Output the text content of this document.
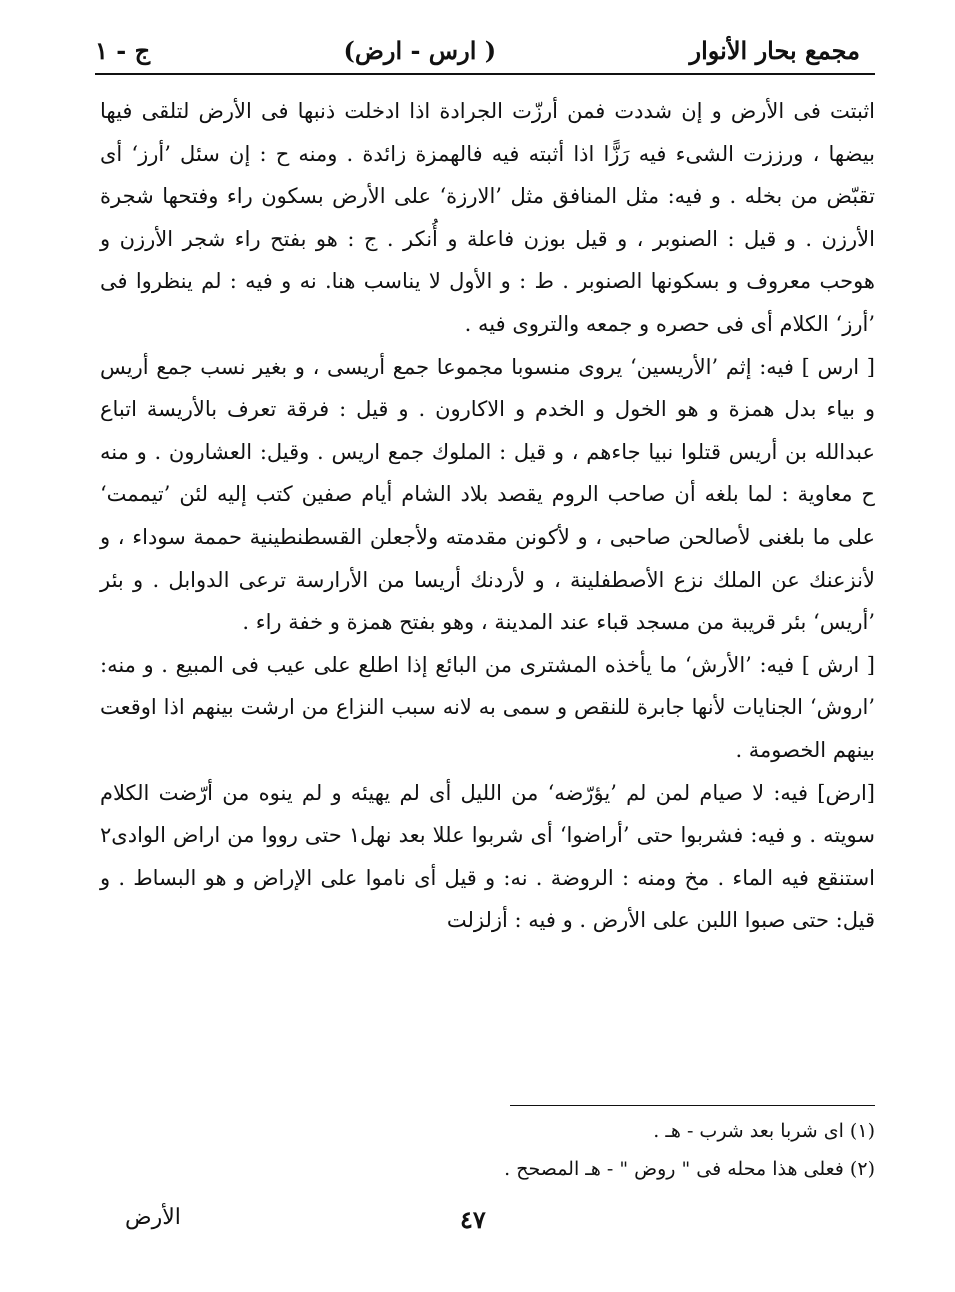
مجمع بحار الأنوار
( ارس - ارض)
ج - ١

اثبتت فى الأرض و إن شددت فمن أرزّت الجرادة اذا ادخلت ذنبها فى الأرض لتلقى فيها بيضها ، ورززت الشىء فيه رَزًّا اذا أثبته فيه فالهمزة زائدة . ومنه ح : إن سئل ’أرز‘ أى تقبّض من بخله . و فيه: مثل المنافق مثل ’الارزة‘ على الأرض بسكون راء وفتحها شجرة الأرزن . و قيل : الصنوبر ، و قيل بوزن فاعلة و أُنكر . ج : هو بفتح راء شجر الأرزن و هوحب معروف و بسكونها الصنوبر . ط : و الأول لا يناسب هنا. نه و فيه : لم ينظروا فى ’أرز‘ الكلام أى فى حصره و جمعه والتروى فيه .

[ ارس ] فيه: إثم ’الأريسين‘ يروى منسوبا مجموعا جمع أريسى ، و بغير نسب جمع أريس و بياء بدل همزة و هو الخول و الخدم و الاكارون . و قيل : فرقة تعرف بالأريسة اتباع عبدالله بن أريس قتلوا نبيا جاءهم ، و قيل : الملوك جمع اريس . وقيل: العشارون . و منه ح معاوية : لما بلغه أن صاحب الروم يقصد بلاد الشام أيام صفين كتب إليه لئن ’تيممت‘ على ما بلغنى لأصالحن صاحبى ، و لأكونن مقدمته ولأجعلن القسطنطينية حممة سوداء ، و لأنزعنك عن الملك نزع الأصطفلينة ، و لأردنك أريسا من الأرارسة ترعى الدوابل . و بئر ’أريس‘ بئر قريبة من مسجد قباء عند المدينة ، وهو بفتح همزة و خفة راء .

[ ارش ] فيه: ’الأرش‘ ما يأخذه المشترى من البائع إذا اطلع على عيب فى المبيع . و منه: ’اروش‘ الجنايات لأنها جابرة للنقص و سمى به لانه سبب النزاع من ارشت بينهم اذا اوقعت بينهم الخصومة .

[ارض] فيه: لا صيام لمن لم ’يؤرّضه‘ من الليل أى لم يهيئه و لم ينوه من أرّضت الكلام سويته . و فيه: فشربوا حتى ’أراضوا‘ أى شربوا عللا بعد نهل١ حتى رووا من اراض الوادى٢ استنقع فيه الماء . مخ ومنه : الروضة . نه: و قيل أى ناموا على الإراض و هو البساط . و قيل: حتى صبوا اللبن على الأرض . و فيه : أزلزلت

(١) اى شربا بعد شرب - هـ .

(٢) فعلى هذا محله فى " روض " - هـ المصحح .

٤٧
الأرض
